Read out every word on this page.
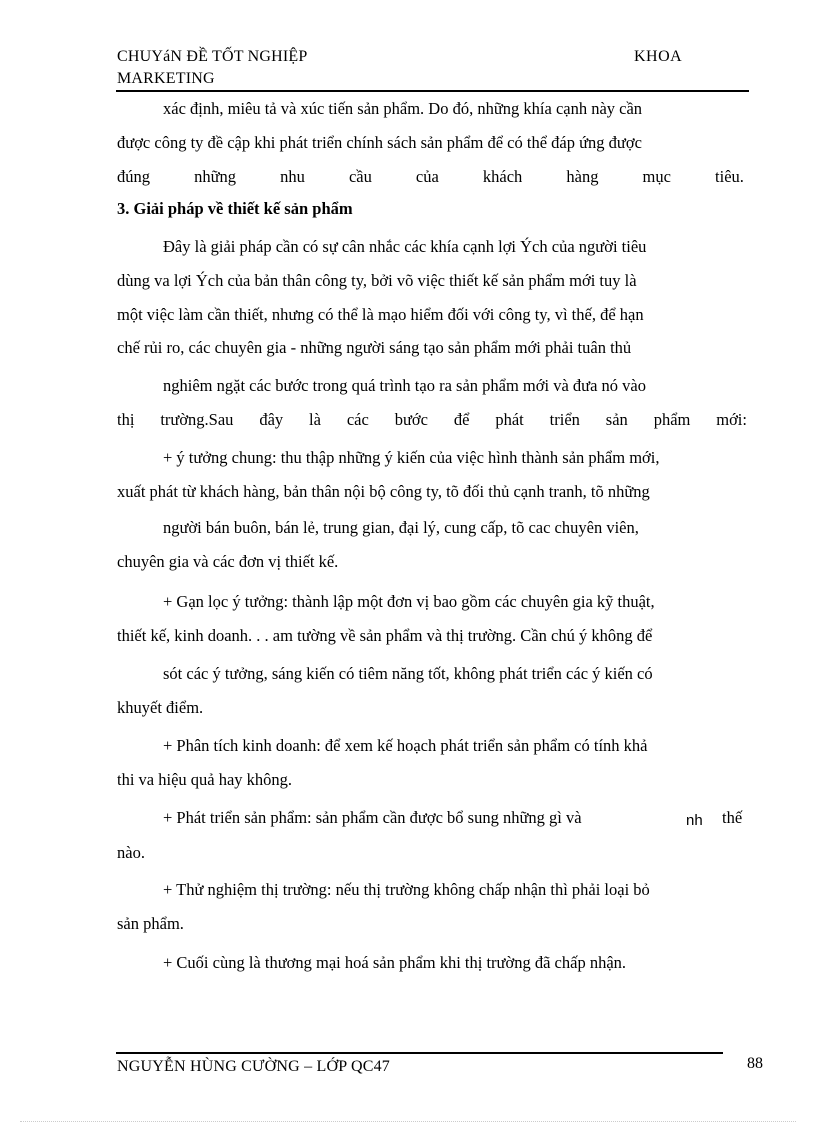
CHUYáN ĐỀ TỐT NGHIỆP
MARKETING
KHOA
xác định, miêu tả và xúc tiến sản phẩm. Do đó, những khía cạnh này cần
được công ty đề cập khi phát triển chính sách sản phẩm để có thể đáp ứng được
đúng	những	nhu	cầu	của	khách	hàng	mục	tiêu.
3. Giải pháp về thiết kế sản phẩm
Đây là giải pháp cần có sự cân nhắc các khía cạnh lợi Ých của người tiêu
dùng va lợi Ých của bản thân công ty, bởi võ việc thiết kế sản phẩm mới tuy là
một việc làm cần thiết, nhưng có thể là mạo hiểm đối với công ty, vì thế, để hạn
chế rủi ro, các chuyên gia - những người sáng tạo sản phẩm mới phải tuân thủ
nghiêm ngặt các bước trong quá trình tạo ra sản phẩm mới và đưa nó vào
thị trường.Sau đây là các bước để phát triển sản phẩm mới:
+ ý tưởng chung: thu thập những ý kiến của việc hình thành sản phẩm mới,
xuất phát từ khách hàng, bản thân nội bộ công ty, tõ đối thủ cạnh tranh, tõ những
người bán buôn, bán lẻ, trung gian, đại lý, cung cấp, tõ cac chuyên viên,
chuyên gia và các đơn vị thiết kế.
+ Gạn lọc ý tưởng: thành lập một đơn vị bao gồm các chuyên gia kỹ thuật,
thiết kế, kinh doanh. . . am tường về sản phẩm và thị trường. Cần chú ý không để
sót các ý tưởng, sáng kiến có tiêm năng tốt, không phát triển các ý kiến có
khuyết điểm.
+ Phân tích kinh doanh: để xem kế hoạch phát triển sản phẩm có tính khả
thi va hiệu quả hay không.
+ Phát triển sản phẩm: sản phẩm cần được bổ sung những gì và	nh thế
nào.
+ Thử nghiệm thị trường: nếu thị trường không chấp nhận thì phải loại bỏ
sản phẩm.
+ Cuối cùng là thương mại hoá sản phẩm khi thị trường đã chấp nhận.
NGUYỄN HÙNG CƯỜNG – LỚP QC47	88
